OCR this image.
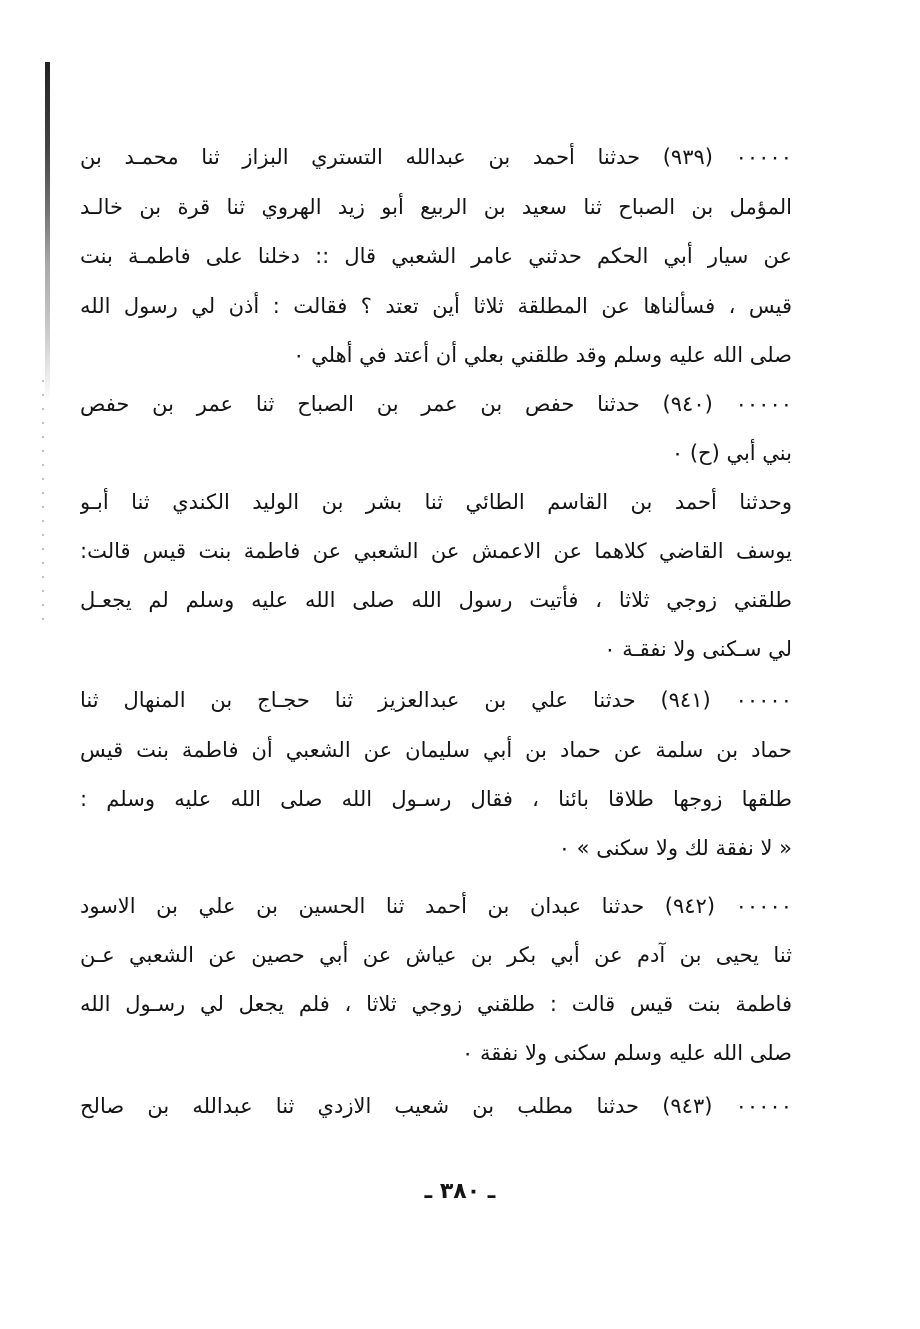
٠٠٠٠٠ (٩٣٩) حدثنا أحمد بن عبدالله التستري البزاز ثنا محمـد بن
المؤمل بن الصباح ثنا سعيد بن الربيع أبو زيد الهروي ثنا قرة بن خالـد
عن سيار أبي الحكم حدثني عامر الشعبي قال :: دخلنا على فاطمـة بنت
قيس ، فسألناها عن المطلقة ثلاثا أين تعتد ؟ فقالت : أذن لي رسول الله
صلى الله عليه وسلم وقد طلقني بعلي أن أعتد في أهلي ٠
٠٠٠٠٠ (٩٤٠) حدثنا حفص بن عمر بن الصباح ثنا عمر بن حفص
بني أبي (ح) ٠
وحدثنا أحمد بن القاسم الطائي ثنا بشر بن الوليد الكندي ثنا أبـو
يوسف القاضي كلاهما عن الاعمش عن الشعبي عن فاطمة بنت قيس قالت:
طلقني زوجي ثلاثا ، فأتيت رسول الله صلى الله عليه وسلم لم يجعـل
لي سـكنى ولا نفقـة ٠
٠٠٠٠٠ (٩٤١) حدثنا علي بن عبدالعزيز ثنا حجـاج بن المنهال ثنا
حماد بن سلمة عن حماد بن أبي سليمان عن الشعبي أن فاطمة بنت قيس
طلقها زوجها طلاقا بائنا ، فقال رسـول الله صلى الله عليه وسلم :
« لا نفقة لك ولا سكنى » ٠
٠٠٠٠٠ (٩٤٢) حدثنا عبدان بن أحمد ثنا الحسين بن علي بن الاسود
ثنا يحيى بن آدم عن أبي بكر بن عياش عن أبي حصين عن الشعبي عـن
فاطمة بنت قيس قالت : طلقني زوجي ثلاثا ، فلم يجعل لي رسـول الله
صلى الله عليه وسلم سكنى ولا نفقة ٠
٠٠٠٠٠ (٩٤٣) حدثنا مطلب بن شعيب الازدي ثنا عبدالله بن صالح
ـ ٣٨٠ ـ
